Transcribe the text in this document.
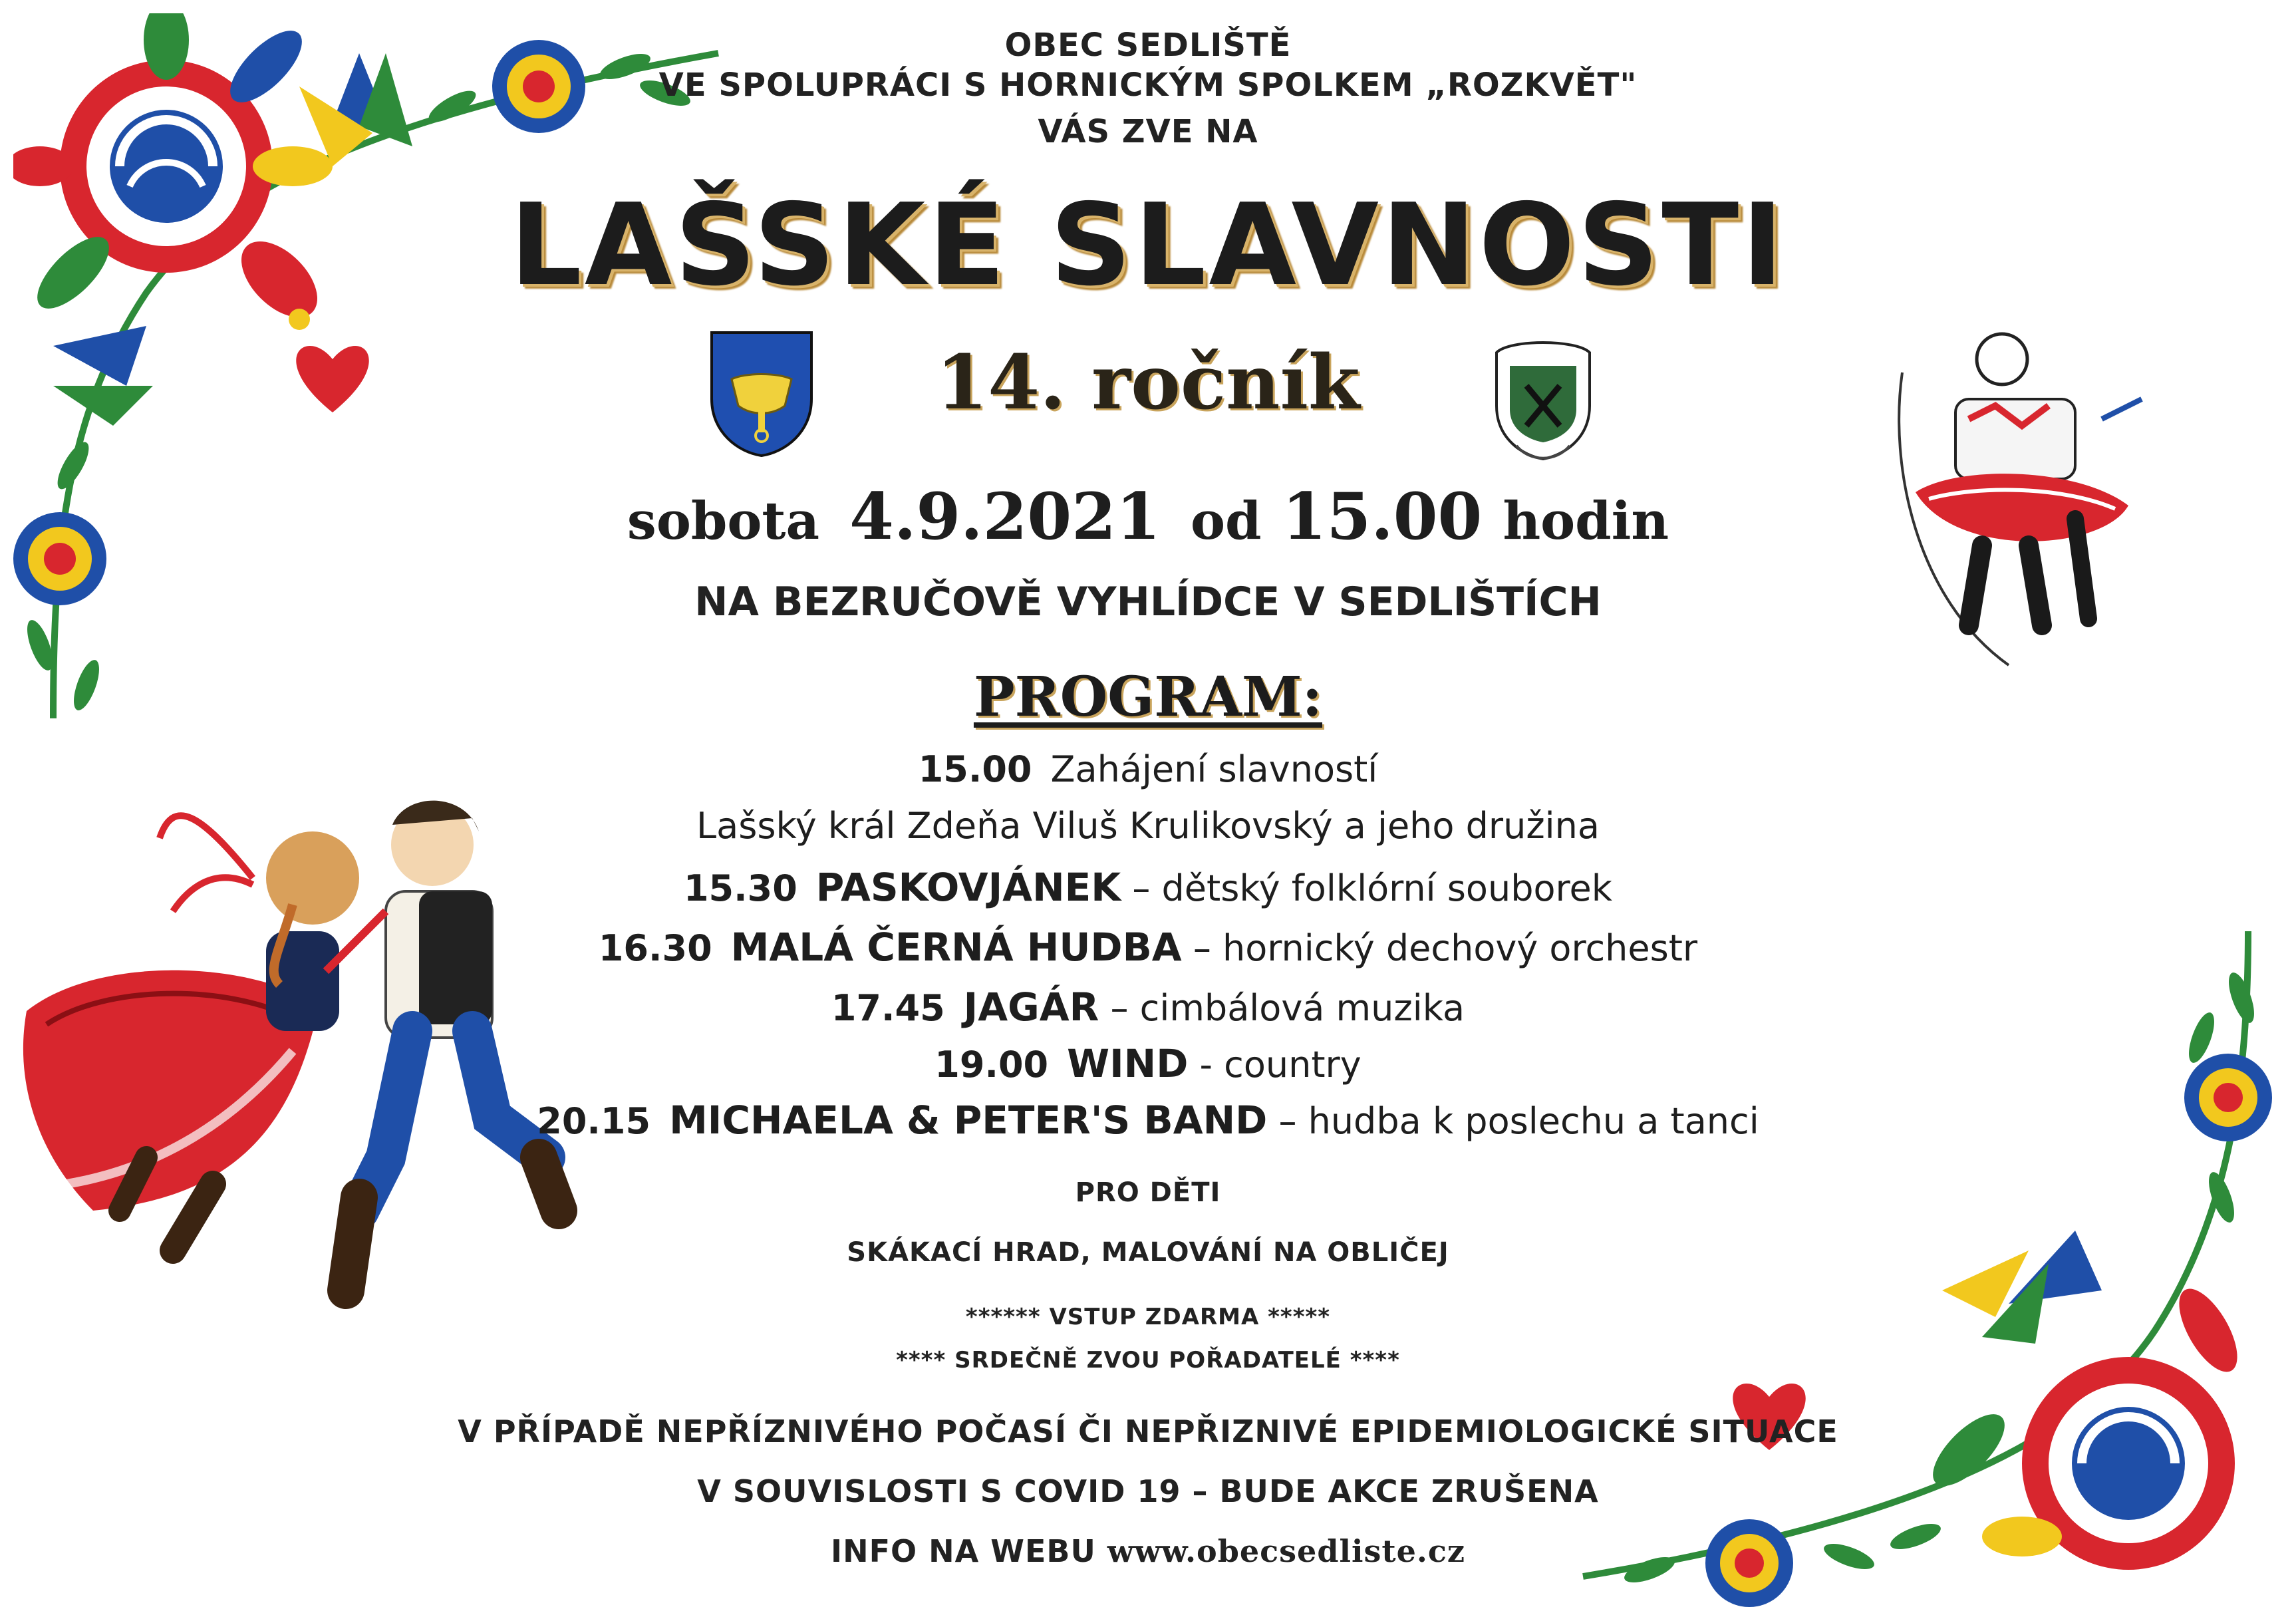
OBEC SEDLIŠTĚ
VE SPOLUPRÁCI S HORNICKÝM SPOLKEM „ROZKVĚT"
VÁS ZVE NA
LAŠSKÉ SLAVNOSTI
14. ročník
sobota 4.9.2021 od 15.00 hodin
NA BEZRUČOVĚ VYHLÍDCE V SEDLIŠTÍCH
PROGRAM:
15.00 Zahájení slavností
Lašský král Zdeňa Viluš Krulikovský a jeho družina
15.30 PASKOVJÁNEK – dětský folklórní souborek
16.30 MALÁ ČERNÁ HUDBA – hornický dechový orchestr
17.45 JAGÁR – cimbálová muzika
19.00 WIND - country
20.15 MICHAELA & PETER'S BAND – hudba k poslechu a tanci
PRO DĚTI
SKÁKACÍ HRAD, MALOVÁNÍ NA OBLIČEJ
****** VSTUP ZDARMA *****
**** SRDEČNĚ ZVOU POŘADATELÉ ****
V PŘÍPADĚ NEPŘÍZNIVÉHO POČASÍ ČI NEPŘIZNIVÉ EPIDEMIOLOGICKÉ SITUACE
V SOUVISLOSTI S COVID 19 – BUDE AKCE ZRUŠENA
INFO NA WEBU www.obecsedliste.cz
